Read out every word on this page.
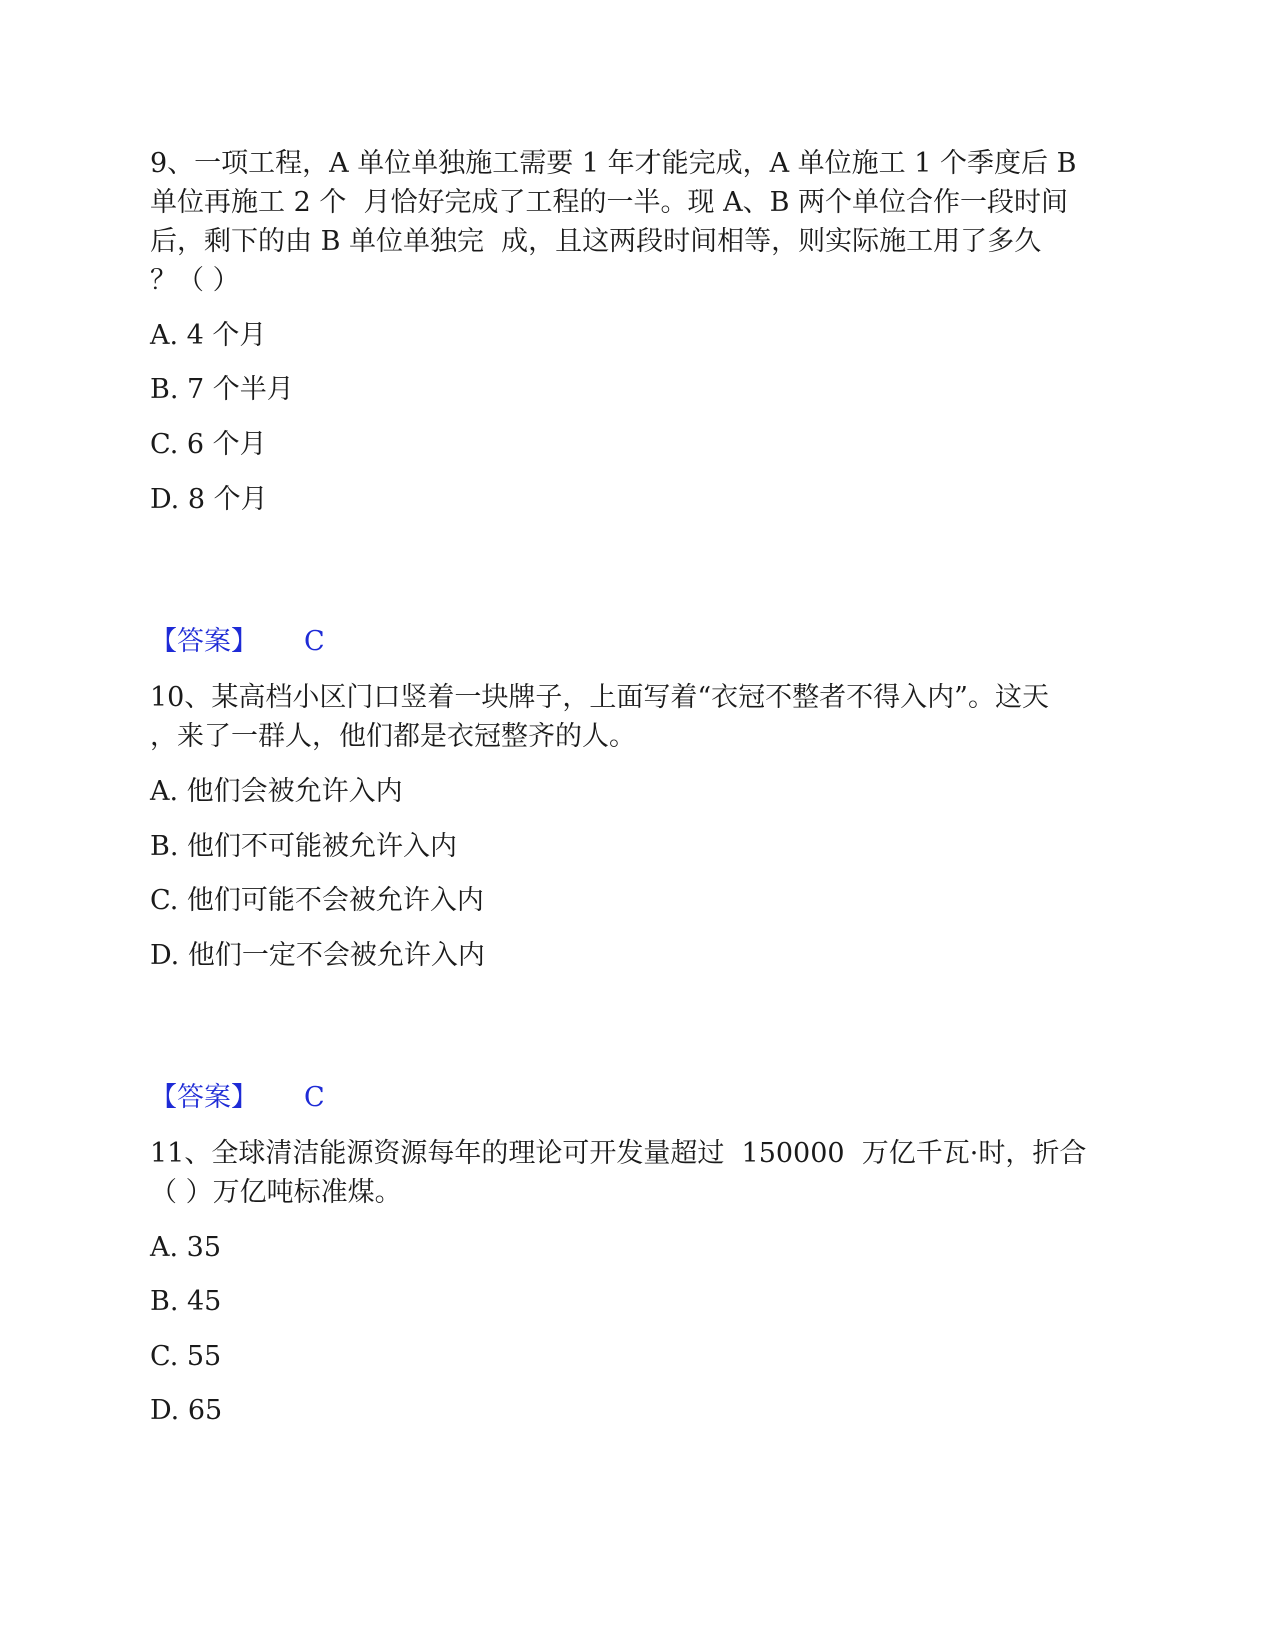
9、一项工程，A 单位单独施工需要 1 年才能完成，A 单位施工 1 个季度后 B
单位再施工 2 个  月恰好完成了工程的一半。现 A、B 两个单位合作一段时间
后，剩下的由 B 单位单独完  成，且这两段时间相等，则实际施工用了多久
？（ ）
A. 4 个月
B. 7 个半月
C. 6 个月
D. 8 个月
【答案】 C
10、某高档小区门口竖着一块牌子，上面写着“衣冠不整者不得入内”。这天
，来了一群人，他们都是衣冠整齐的人。
A. 他们会被允许入内
B. 他们不可能被允许入内
C. 他们可能不会被允许入内
D. 他们一定不会被允许入内
【答案】 C
11、全球清洁能源资源每年的理论可开发量超过  150000  万亿千瓦·时，折合
（ ）万亿吨标准煤。
A. 35
B. 45
C. 55
D. 65
